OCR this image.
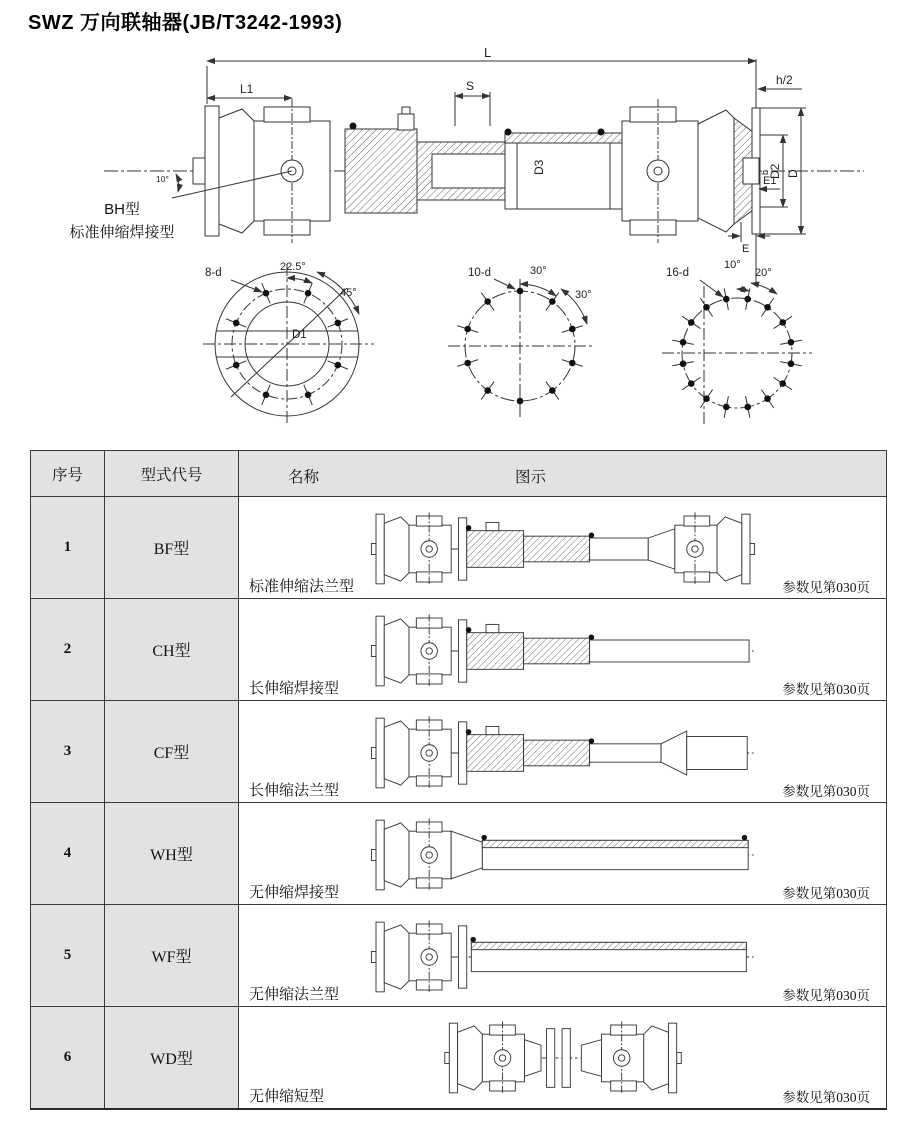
SWZ 万向联轴器(JB/T3242-1993)
BH型
标准伸缩焊接型
10°
D3	b
L
L1	S	h/2
D2 D
E1
E
8-d	22.5°
45°
D1
10-d	30°
30°
16-d
10°
20°
序号	型式代号	名称 图示

1	BF型	标准伸缩法兰型 参数见第030页

2	CH型	长伸缩焊接型 参数见第030页

3	CF型	长伸缩法兰型 参数见第030页

4	WH型	无伸缩焊接型 参数见第030页

5	WF型	无伸缩法兰型 参数见第030页

6	WD型	无伸缩短型 参数见第030页
